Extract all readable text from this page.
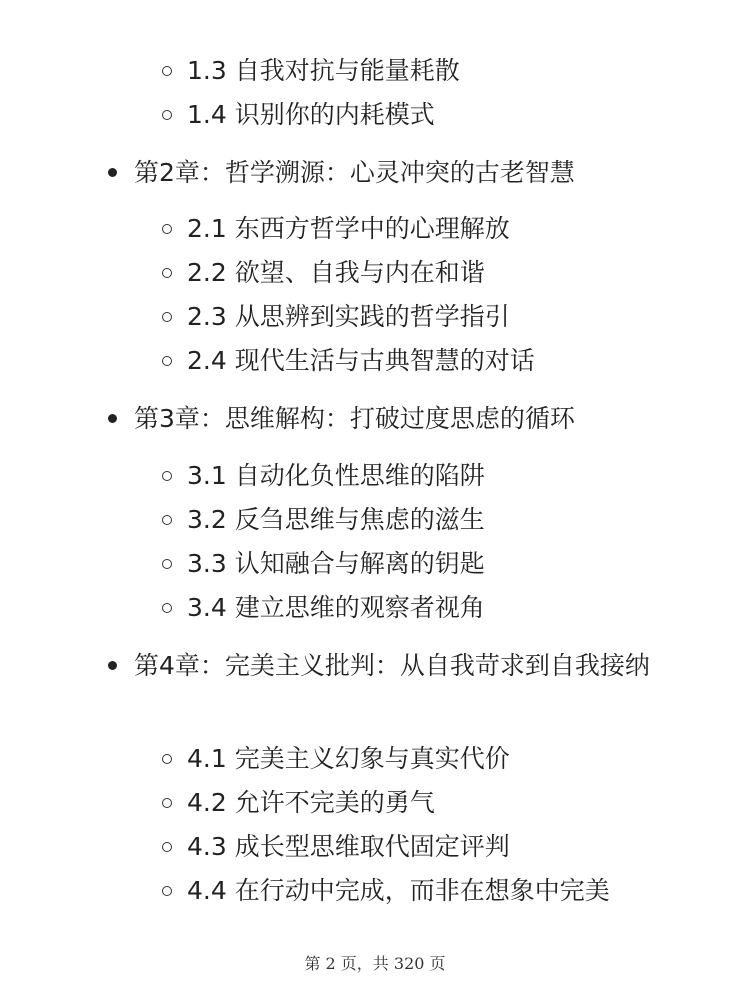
1.3 自我对抗与能量耗散
1.4 识别你的内耗模式
第2章：哲学溯源：心灵冲突的古老智慧
2.1 东西方哲学中的心理解放
2.2 欲望、自我与内在和谐
2.3 从思辨到实践的哲学指引
2.4 现代生活与古典智慧的对话
第3章：思维解构：打破过度思虑的循环
3.1 自动化负性思维的陷阱
3.2 反刍思维与焦虑的滋生
3.3 认知融合与解离的钥匙
3.4 建立思维的观察者视角
第4章：完美主义批判：从自我苛求到自我接纳
4.1 完美主义幻象与真实代价
4.2 允许不完美的勇气
4.3 成长型思维取代固定评判
4.4 在行动中完成，而非在想象中完美
第 2 页，共 320 页
